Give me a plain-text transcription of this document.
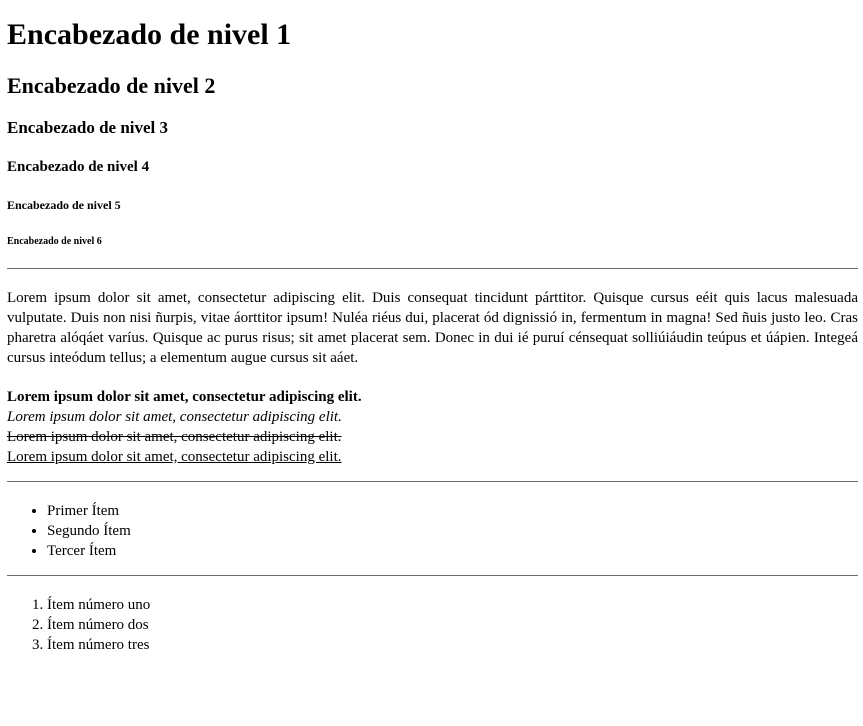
Encabezado de nivel 1
Encabezado de nivel 2
Encabezado de nivel 3
Encabezado de nivel 4
Encabezado de nivel 5
Encabezado de nivel 6

Lorem ipsum dolor sit amet, consectetur adipiscing elit. Duis consequat tincidunt párttitor. Quisque cursus eéit quis lacus malesuada vulputate. Duis non nisi ñurpis, vitae áorttitor ipsum! Nuléa riéus dui, placerat ód dignissió in, fermentum in magna! Sed ñuis justo leo. Cras pharetra alóqáet varíus. Quisque ac purus risus; sit amet placerat sem. Donec in dui ié puruí cénsequat solliúiáudin teúpus et úápien. Integeá cursus inteódum tellus; a elementum augue cursus sit aáet.

Lorem ipsum dolor sit amet, consectetur adipiscing elit.
Lorem ipsum dolor sit amet, consectetur adipiscing elit.
Lorem ipsum dolor sit amet, consectetur adipiscing elit.
Lorem ipsum dolor sit amet, consectetur adipiscing elit.
• Primer Ítem
• Segundo Ítem
• Tercer Ítem
1. Ítem número uno
2. Ítem número dos
3. Ítem número tres
